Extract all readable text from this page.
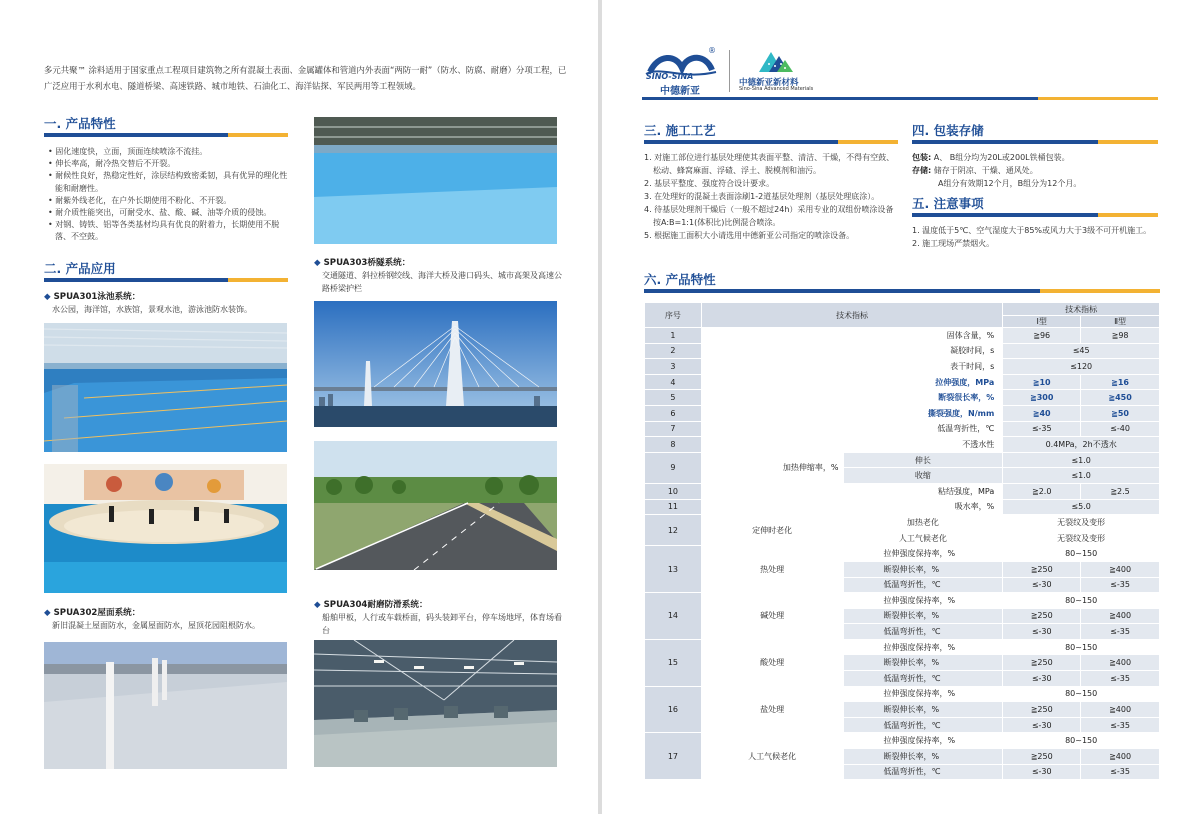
多元共聚™ 涂料适用于国家重点工程项目建筑物之所有混凝土表面、金属罐体和管道内外表面“两防一耐”（防水、防腐、耐磨）分项工程，已广泛应用于水利水电、隧道桥梁、高速铁路、城市地铁、石油化工、海洋钻探、军民两用等工程领域。
一. 产品特性
• 固化速度快，立面，顶面连续喷涂不流挂。
• 伸长率高，耐冷热交替后不开裂。
• 耐候性良好，热稳定性好，涂层结构致密柔韧，具有优异的理化性能和耐磨性。
• 耐紫外线老化，在户外长期使用不粉化、不开裂。
• 耐介质性能突出，可耐受水、盐、酸、碱、油等介质的侵蚀。
• 对钢、铸铁、铝等各类基材均具有优良的附着力，长期使用不脱落、不空鼓。
二. 产品应用
◆ SPUA301泳池系统：
水公园，海洋馆，水族馆，景观水池，游泳池防水装饰。
◆ SPUA302屋面系统：
新旧混凝土屋面防水，金属屋面防水，屋顶花园阻根防水。
◆ SPUA303桥隧系统：
交通隧道、斜拉桥钢绞线、海洋大桥及港口码头、城市高架及高速公路桥梁护栏
◆ SPUA304耐磨防滑系统：
船舶甲板，人行或车载桥面，码头装卸平台，停车场地坪，体育场看台
SINO-SINA
中德新亚
®
中德新亚新材料
Sino-Sina Advanced Materials
三. 施工工艺
1. 对施工部位进行基层处理使其表面平整、清洁、干燥，不得有空鼓、松动、蜂窝麻面、浮碴、浮土、脱模剂和油污。
2. 基层平整度、强度符合设计要求。
3. 在处理好的混凝土表面涂刷1-2道基层处理剂（基层处理底涂）。
4. 待基层处理剂干燥后（一般不超过24h）采用专业的双组份喷涂设备按A:B=1:1(体积比)比例混合喷涂。
5. 根据施工面积大小请选用中德新亚公司指定的喷涂设备。
四. 包装存储
包装: A、 B组分均为20L或200L铁桶包装。
存储: 储存于阴凉、干燥、通风处。
A组分有效期12个月，B组分为12个月。
五. 注意事项
1. 温度低于5℃、空气湿度大于85%或风力大于3级不可开机施工。
2. 施工现场严禁烟火。
六. 产品特性
序号	技术指标		技术指标	
			Ⅰ型	Ⅱ型
1	固体含量，%		≧96	≧98
2	凝胶时间，s		≤45	
3	表干时间，s		≤120	
4	拉伸强度，MPa		≧10	≧16
5	断裂很长率，%		≧300	≧450
6	撕裂强度，N/mm		≧40	≧50
7	低温弯折性，℃		≤-35	≤-40
8	不透水性		0.4MPa，2h不透水	
9	加热伸缩率，%	伸长	≤1.0	
		收缩	≤1.0	
10	粘结强度，MPa		≧2.0	≧2.5
11	吸水率，%		≤5.0	
12	定伸时老化	加热老化	无裂纹及变形	
		人工气候老化	无裂纹及变形	
13	热处理	拉伸强度保持率，%	80~150	
		断裂伸长率，%	≧250	≧400
		低温弯折性，℃	≤-30	≤-35
14	碱处理	拉伸强度保持率，%	80~150	
		断裂伸长率，%	≧250	≧400
		低温弯折性，℃	≤-30	≤-35
15	酸处理	拉伸强度保持率，%	80~150	
		断裂伸长率，%	≧250	≧400
		低温弯折性，℃	≤-30	≤-35
16	盐处理	拉伸强度保持率，%	80~150	
		断裂伸长率，%	≧250	≧400
		低温弯折性，℃	≤-30	≤-35
17	人工气候老化	拉伸强度保持率，%	80~150	
		断裂伸长率，%	≧250	≧400
		低温弯折性，℃	≤-30	≤-35
